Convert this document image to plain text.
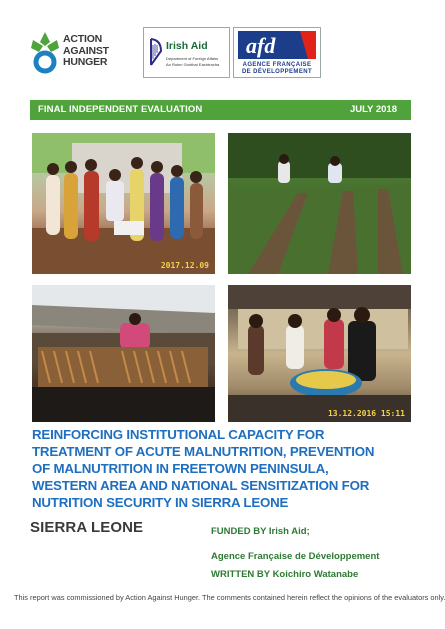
ACTION
AGAINST
HUNGER
Irish Aid
Department of Foreign Affairs
An Roinn Gnóthaí Eachtracha
afd
AGENCE FRANÇAISE
DE DÉVELOPPEMENT
FINAL INDEPENDENT EVALUATION	JULY 2018
2017.12.09
13.12.2016 15:11
REINFORCING INSTITUTIONAL CAPACITY FOR
TREATMENT OF ACUTE MALNUTRITION, PREVENTION
OF MALNUTRITION IN FREETOWN PENINSULA,
WESTERN AREA AND NATIONAL SENSITIZATION FOR
NUTRITION SECURITY IN SIERRA LEONE
SIERRA LEONE	FUNDED BY Irish Aid;
Agence Française de Développement
WRITTEN BY Koichiro Watanabe
This report was commissioned by Action Against Hunger. The comments contained herein reflect the opinions of the evaluators only.
